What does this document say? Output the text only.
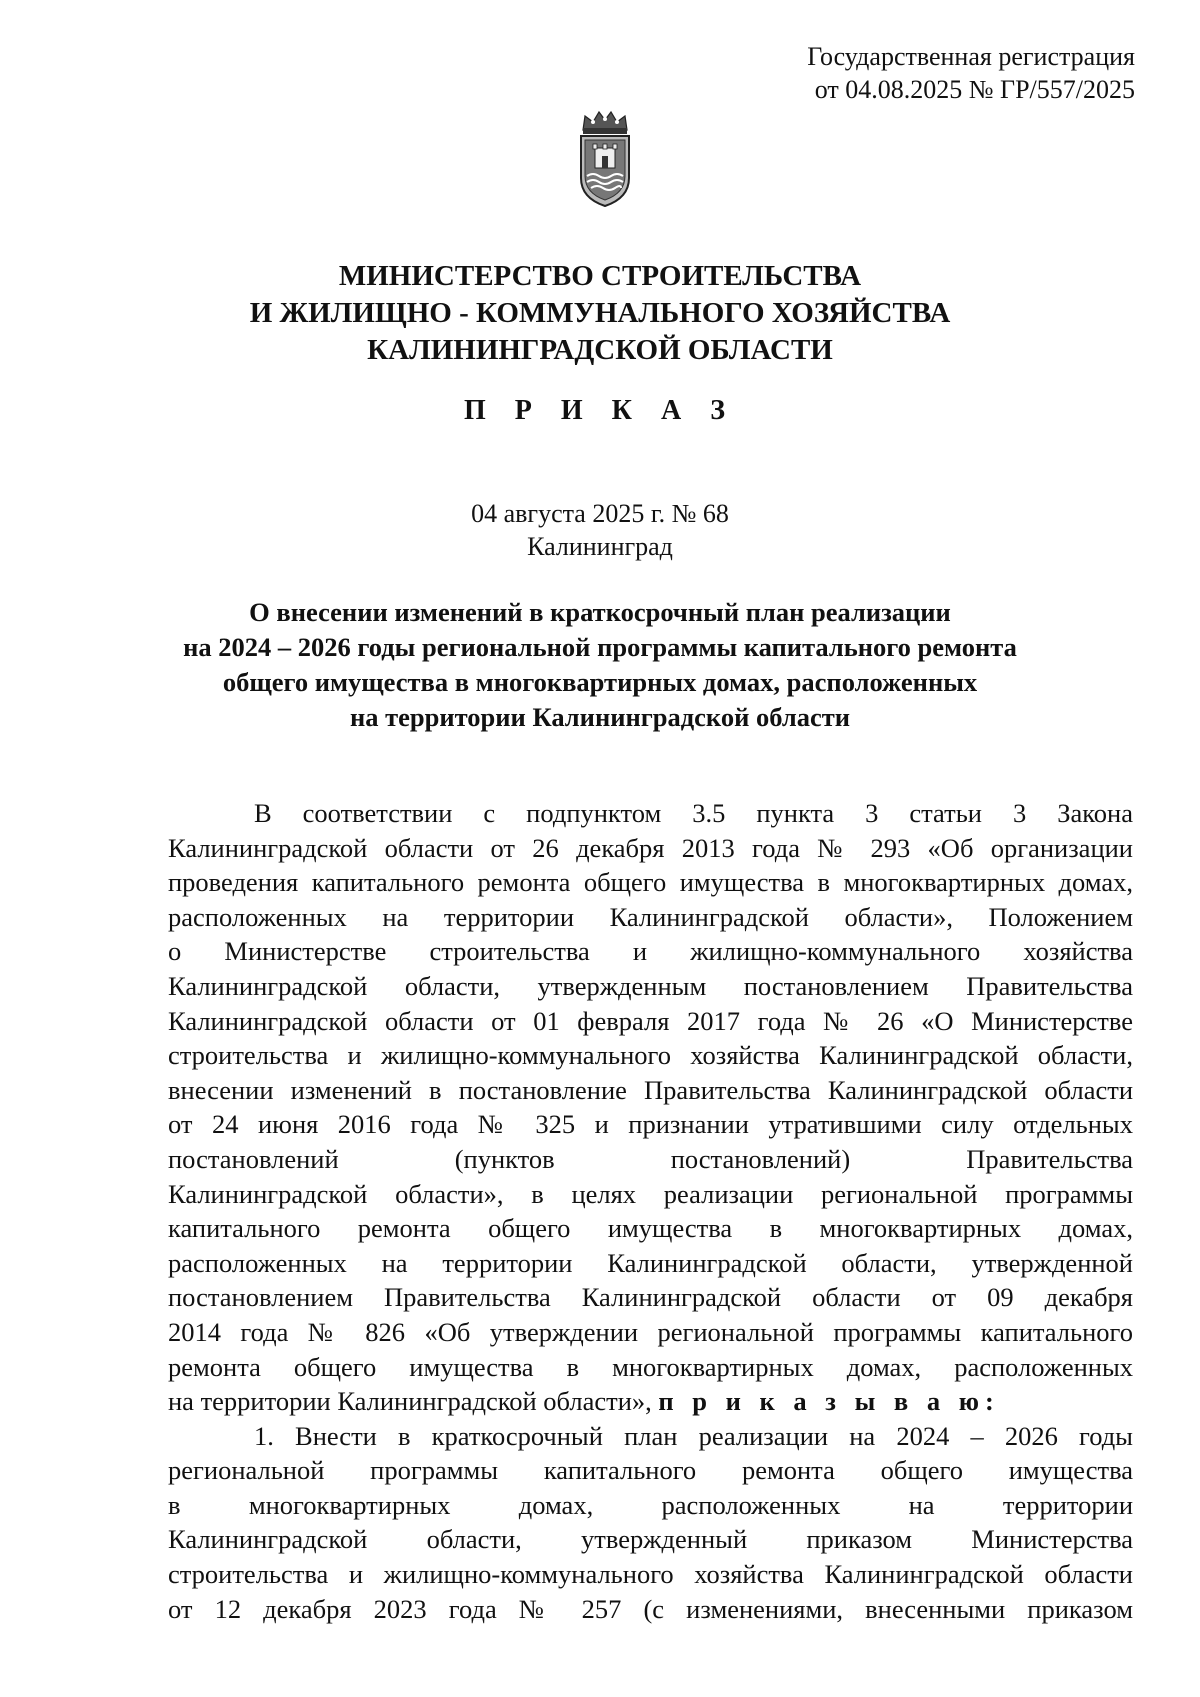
Государственная регистрация
от 04.08.2025 № ГР/557/2025
МИНИСТЕРСТВО СТРОИТЕЛЬСТВА
И ЖИЛИЩНО - КОММУНАЛЬНОГО ХОЗЯЙСТВА
КАЛИНИНГРАДСКОЙ ОБЛАСТИ
П Р И К А З
04 августа 2025 г. № 68
Калининград
О внесении изменений в краткосрочный план реализации
на 2024 – 2026 годы региональной программы капитального ремонта
общего имущества в многоквартирных домах, расположенных
на территории Калининградской области
В соответствии с подпунктом 3.5 пункта 3 статьи 3 Закона
Калининградской области от 26 декабря 2013 года № 293 «Об организации
проведения капитального ремонта общего имущества в многоквартирных домах,
расположенных на территории Калининградской области», Положением
о Министерстве строительства и жилищно-коммунального хозяйства
Калининградской области, утвержденным постановлением Правительства
Калининградской области от 01 февраля 2017 года № 26 «О Министерстве
строительства и жилищно-коммунального хозяйства Калининградской области,
внесении изменений в постановление Правительства Калининградской области
от 24 июня 2016 года № 325 и признании утратившими силу отдельных
постановлений (пунктов постановлений) Правительства
Калининградской области», в целях реализации региональной программы
капитального ремонта общего имущества в многоквартирных домах,
расположенных на территории Калининградской области, утвержденной
постановлением Правительства Калининградской области от 09 декабря
2014 года № 826 «Об утверждении региональной программы капитального
ремонта общего имущества в многоквартирных домах, расположенных
на территории Калининградской области», п р и к а з ы в а ю:
1. Внести в краткосрочный план реализации на 2024 – 2026 годы
региональной программы капитального ремонта общего имущества
в многоквартирных домах, расположенных на территории
Калининградской области, утвержденный приказом Министерства
строительства и жилищно-коммунального хозяйства Калининградской области
от 12 декабря 2023 года № 257 (с изменениями, внесенными приказом
